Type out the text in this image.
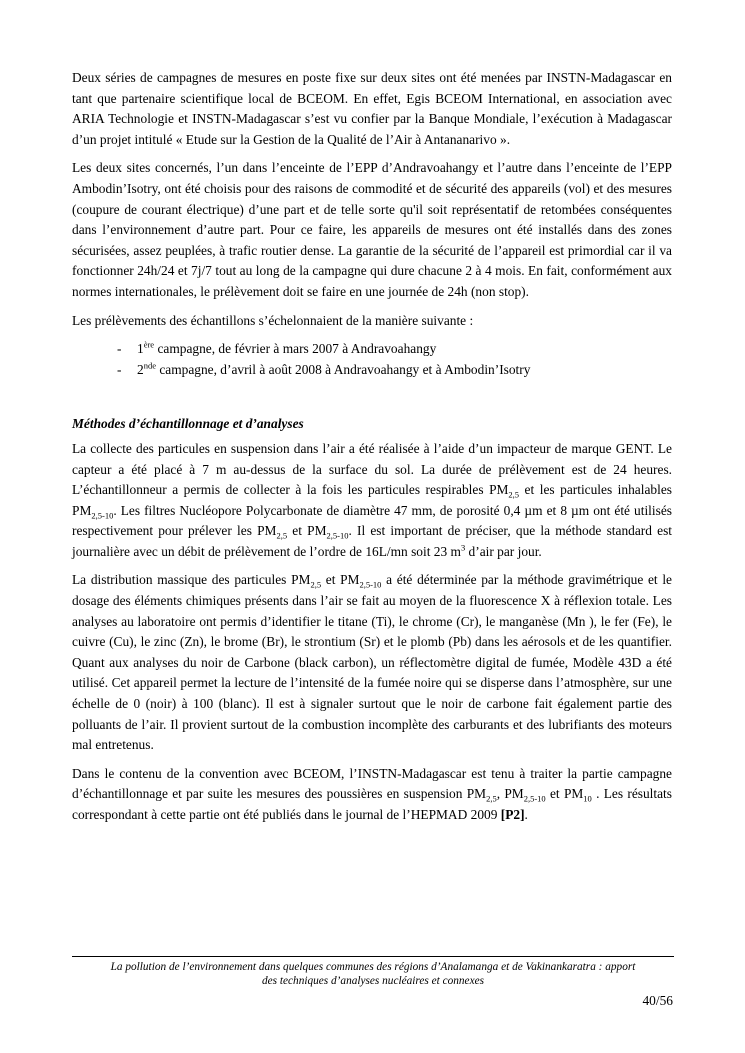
Deux séries de campagnes de mesures en poste fixe sur deux sites ont été menées par INSTN-Madagascar en tant que partenaire scientifique local de BCEOM. En effet, Egis BCEOM International, en association avec ARIA Technologie et INSTN-Madagascar s’est vu confier par la Banque Mondiale, l’exécution à Madagascar d’un projet intitulé « Etude sur la Gestion de la Qualité de l’Air à Antananarivo ».

Les deux sites concernés, l’un dans l’enceinte de l’EPP d’Andravoahangy et l’autre dans l’enceinte de l’EPP Ambodin’Isotry, ont été choisis pour des raisons de commodité et de sécurité des appareils (vol) et des mesures (coupure de courant électrique) d’une part et de telle sorte qu'il soit représentatif de retombées conséquentes dans l’environnement d’autre part. Pour ce faire, les appareils de mesures ont été installés dans des zones sécurisées, assez peuplées, à trafic routier dense. La garantie de la sécurité de l’appareil est primordial car il va fonctionner 24h/24 et 7j/7 tout au long de la campagne qui dure chacune 2 à 4 mois. En fait, conformément aux normes internationales, le prélèvement doit se faire en une journée de 24h (non stop).

Les prélèvements des échantillons s’échelonnaient de la manière suivante :

- 1ère campagne, de février à mars 2007 à Andravoahangy
- 2nde campagne, d’avril à août 2008 à Andravoahangy et à Ambodin’Isotry

Méthodes d’échantillonnage et d’analyses

La collecte des particules en suspension dans l’air a été réalisée à l’aide d’un impacteur de marque GENT. Le capteur a été placé à 7 m au-dessus de la surface du sol. La durée de prélèvement est de 24 heures. L’échantillonneur a permis de collecter à la fois les particules respirables $PM_{2,5}$ et les particules inhalables $PM_{2,5-10}$. Les filtres Nucléopore Polycarbonate de diamètre 47 mm, de porosité 0,4 µm et 8 µm ont été utilisés respectivement pour prélever les $PM_{2,5}$ et $PM_{2,5-10}$. Il est important de préciser, que la méthode standard est journalière avec un débit de prélèvement de l’ordre de 16L/mn soit 23 $m^3$ d’air par jour.

La distribution massique des particules $PM_{2,5}$ et $PM_{2,5-10}$ a été déterminée par la méthode gravimétrique et le dosage des éléments chimiques présents dans l’air se fait au moyen de la fluorescence X à réflexion totale. Les analyses au laboratoire ont permis d’identifier le titane (Ti), le chrome (Cr), le manganèse (Mn ), le fer (Fe), le cuivre (Cu), le zinc (Zn), le brome (Br), le strontium (Sr) et le plomb (Pb) dans les aérosols et de les quantifier. Quant aux analyses du noir de Carbone (black carbon), un réflectomètre digital de fumée, Modèle 43D a été utilisé. Cet appareil permet la lecture de l’intensité de la fumée noire qui se disperse dans l’atmosphère, sur une échelle de 0 (noir) à 100 (blanc). Il est à signaler surtout que le noir de carbone fait également partie des polluants de l’air. Il provient surtout de la combustion incomplète des carburants et des lubrifiants des moteurs mal entretenus.

Dans le contenu de la convention avec BCEOM, l’INSTN-Madagascar est tenu à traiter la partie campagne d’échantillonnage et par suite les mesures des poussières en suspension $PM_{2,5}$, $PM_{2,5-10}$ et $PM_{10}$ . Les résultats correspondant à cette partie ont été publiés dans le journal de l’HEPMAD 2009 [P2].

La pollution de l’environnement dans quelques communes des régions d’Analamanga et de Vakinankaratra : apport

des techniques d’analyses nucléaires et connexes

40/56
